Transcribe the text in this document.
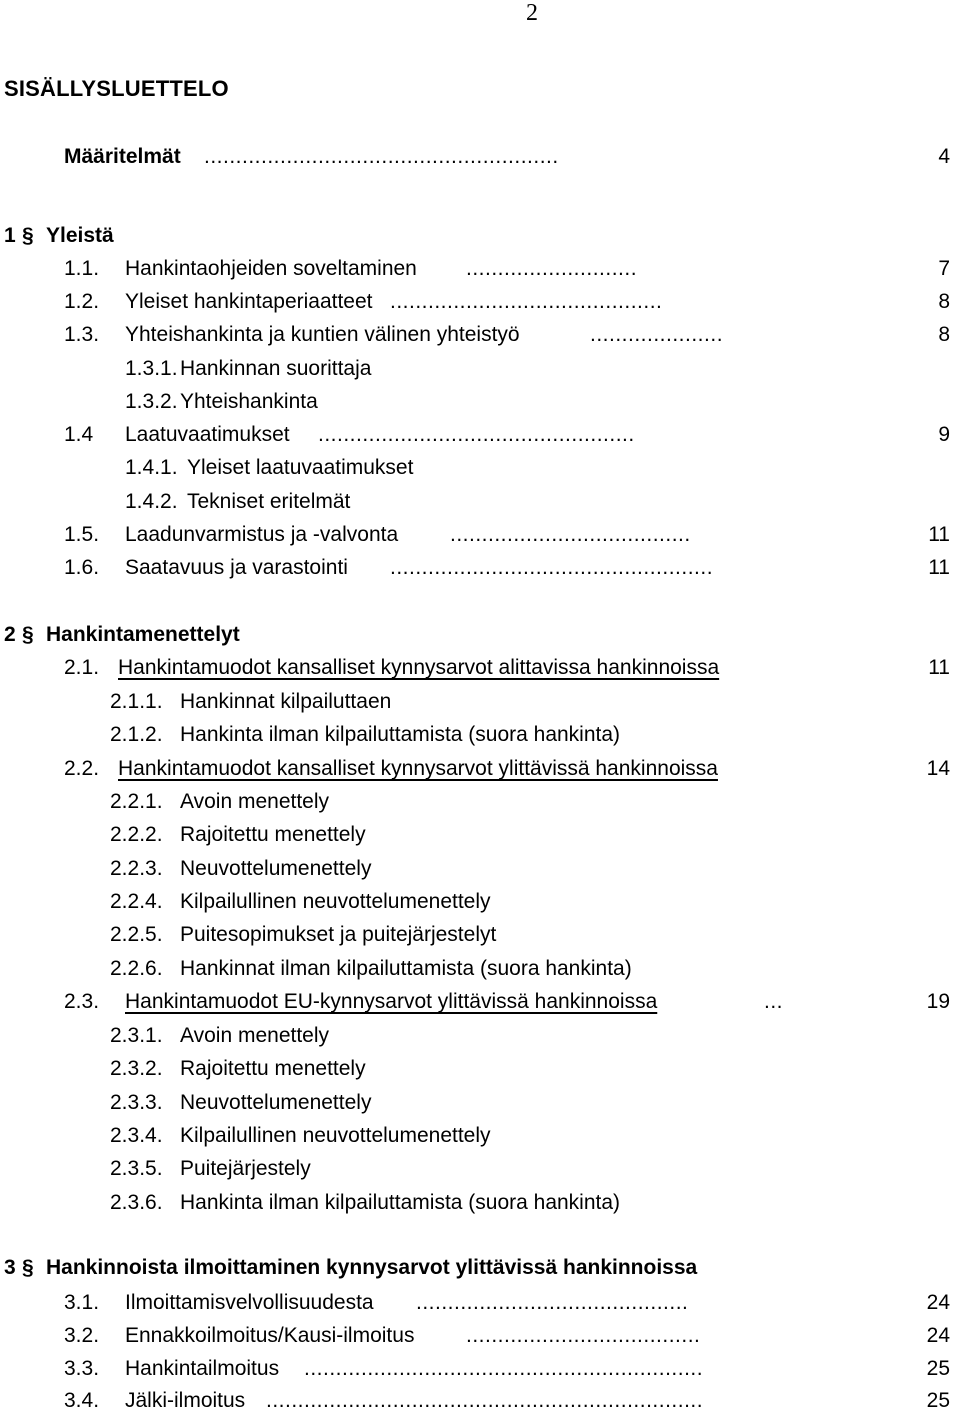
2
SISÄLLYSLUETTELO
Määritelmät ........................................................	4
1 § Yleistä
1.1. Hankintaohjeiden soveltaminen ...........................	7
1.2. Yleiset hankintaperiaatteet ...........................................	8
1.3. Yhteishankinta ja kuntien välinen yhteistyö	.....................	8
1.3.1. Hankinnan suorittaja
1.3.2. Yhteishankinta
1.4 Laatuvaatimukset ..................................................	9
1.4.1. Yleiset laatuvaatimukset
1.4.2. Tekniset eritelmät
1.5. Laadunvarmistus ja -valvonta ......................................	11
1.6. Saatavuus ja varastointi ...................................................	11
2 § Hankintamenettelyt
2.1. Hankintamuodot kansalliset kynnysarvot alittavissa hankinnoissa	11
2.1.1. Hankinnat kilpailuttaen
2.1.2. Hankinta ilman kilpailuttamista (suora hankinta)
2.2. Hankintamuodot kansalliset kynnysarvot ylittävissä hankinnoissa	14
2.2.1. Avoin menettely
2.2.2. Rajoitettu menettely
2.2.3. Neuvottelumenettely
2.2.4. Kilpailullinen neuvottelumenettely
2.2.5. Puitesopimukset ja puitejärjestelyt
2.2.6. Hankinnat ilman kilpailuttamista (suora hankinta)
2.3. Hankintamuodot EU-kynnysarvot ylittävissä hankinnoissa	...	19
2.3.1. Avoin menettely
2.3.2. Rajoitettu menettely
2.3.3. Neuvottelumenettely
2.3.4. Kilpailullinen neuvottelumenettely
2.3.5. Puitejärjestely
2.3.6. Hankinta ilman kilpailuttamista (suora hankinta)
3 § Hankinnoista ilmoittaminen kynnysarvot ylittävissä hankinnoissa
3.1. Ilmoittamisvelvollisuudesta ...........................................	24
3.2. Ennakkoilmoitus/Kausi-ilmoitus .....................................	24
3.3. Hankintailmoitus ...............................................................	25
3.4. Jälki-ilmoitus .....................................................................	25
